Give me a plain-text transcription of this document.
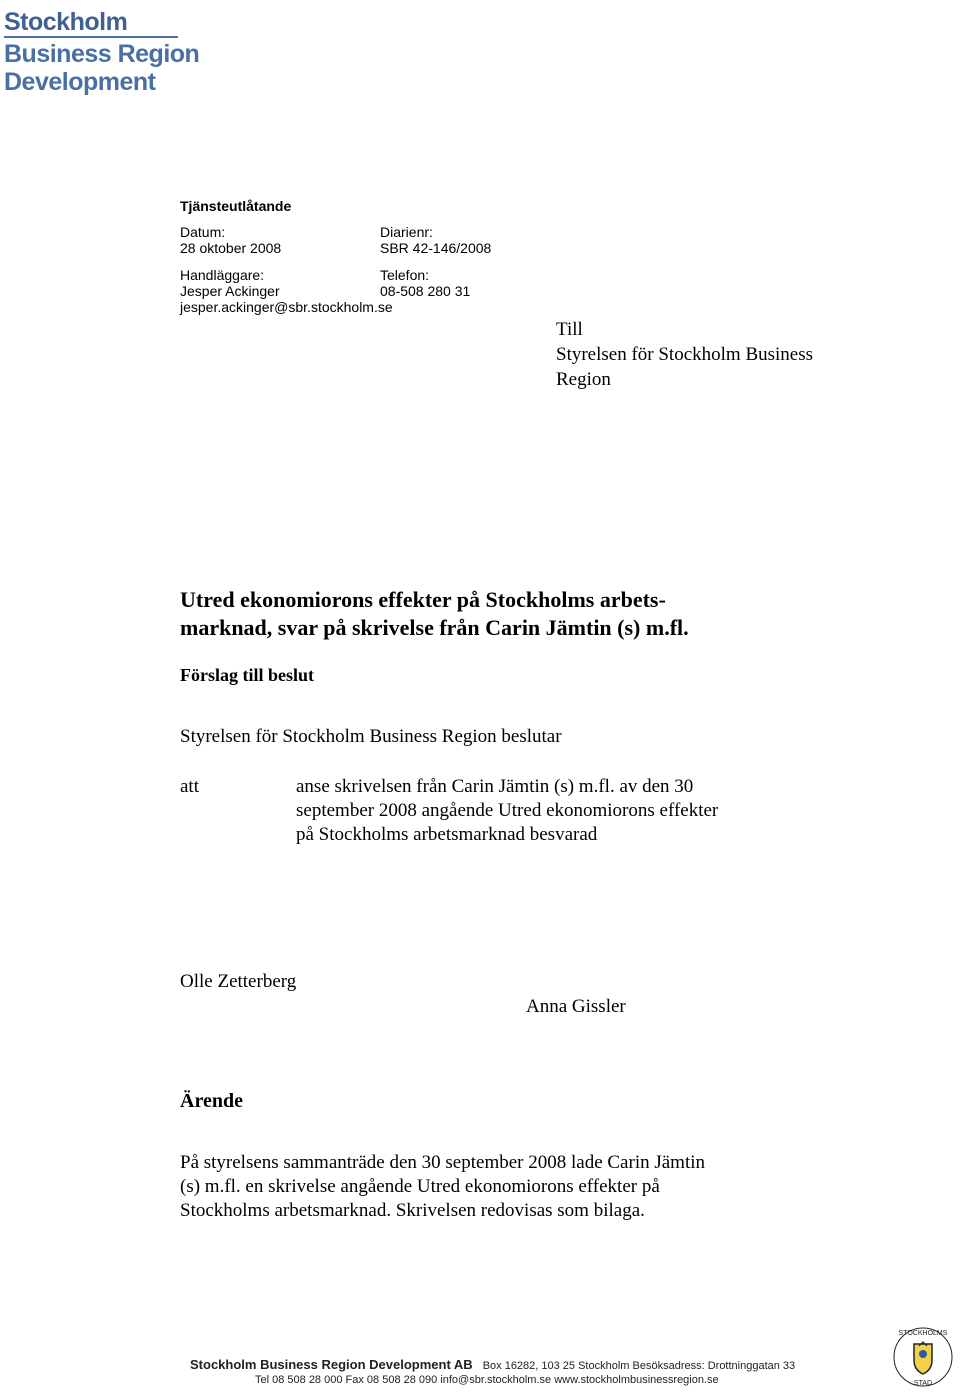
Stockholm
Business Region
Development
Tjänsteutlåtande
Datum:
28 oktober 2008
Diarienr:
SBR 42-146/2008
Handläggare:
Jesper Ackinger
jesper.ackinger@sbr.stockholm.se
Telefon:
08-508 280 31
Till
Styrelsen för Stockholm Business
Region
Utred ekonomiorons effekter på Stockholms arbets-
marknad, svar på skrivelse från Carin Jämtin (s) m.fl.
Förslag till beslut
Styrelsen för Stockholm Business Region beslutar
att	anse skrivelsen från Carin Jämtin (s) m.fl. av den 30
september 2008 angående Utred ekonomiorons effekter
på Stockholms arbetsmarknad besvarad
Olle Zetterberg
Anna Gissler
Ärende
På styrelsens sammanträde den 30 september 2008 lade Carin Jämtin
(s) m.fl. en skrivelse angående Utred ekonomiorons effekter på
Stockholms arbetsmarknad. Skrivelsen redovisas som bilaga.
Stockholm Business Region Development AB Box 16282, 103 25 Stockholm Besöksadress: Drottninggatan 33
Tel 08 508 28 000 Fax 08 508 28 090 info@sbr.stockholm.se www.stockholmbusinessregion.se
STOCKHOLMS
STAD
